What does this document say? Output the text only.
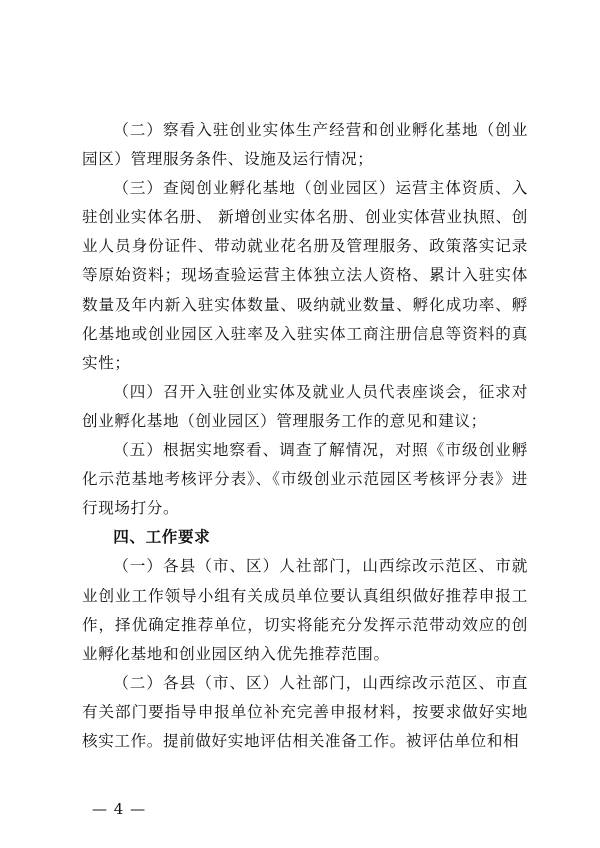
（二）察看入驻创业实体生产经营和创业孵化基地（创业园区）管理服务条件、设施及运行情况；

（三）查阅创业孵化基地（创业园区）运营主体资质、入驻创业实体名册、 新增创业实体名册、创业实体营业执照、创业人员身份证件、带动就业花名册及管理服务、政策落实记录等原始资料；现场查验运营主体独立法人资格、累计入驻实体数量及年内新入驻实体数量、吸纳就业数量、孵化成功率、孵化基地或创业园区入驻率及入驻实体工商注册信息等资料的真实性；

（四）召开入驻创业实体及就业人员代表座谈会，征求对创业孵化基地（创业园区）管理服务工作的意见和建议；

（五）根据实地察看、调查了解情况，对照《市级创业孵化示范基地考核评分表》、《市级创业示范园区考核评分表》进行现场打分。

四、工作要求

（一）各县（市、区）人社部门，山西综改示范区、市就业创业工作领导小组有关成员单位要认真组织做好推荐申报工作，择优确定推荐单位，切实将能充分发挥示范带动效应的创业孵化基地和创业园区纳入优先推荐范围。

（二）各县（市、区）人社部门，山西综改示范区、市直有关部门要指导申报单位补充完善申报材料，按要求做好实地核实工作。提前做好实地评估相关准备工作。被评估单位和相

— 4 —
